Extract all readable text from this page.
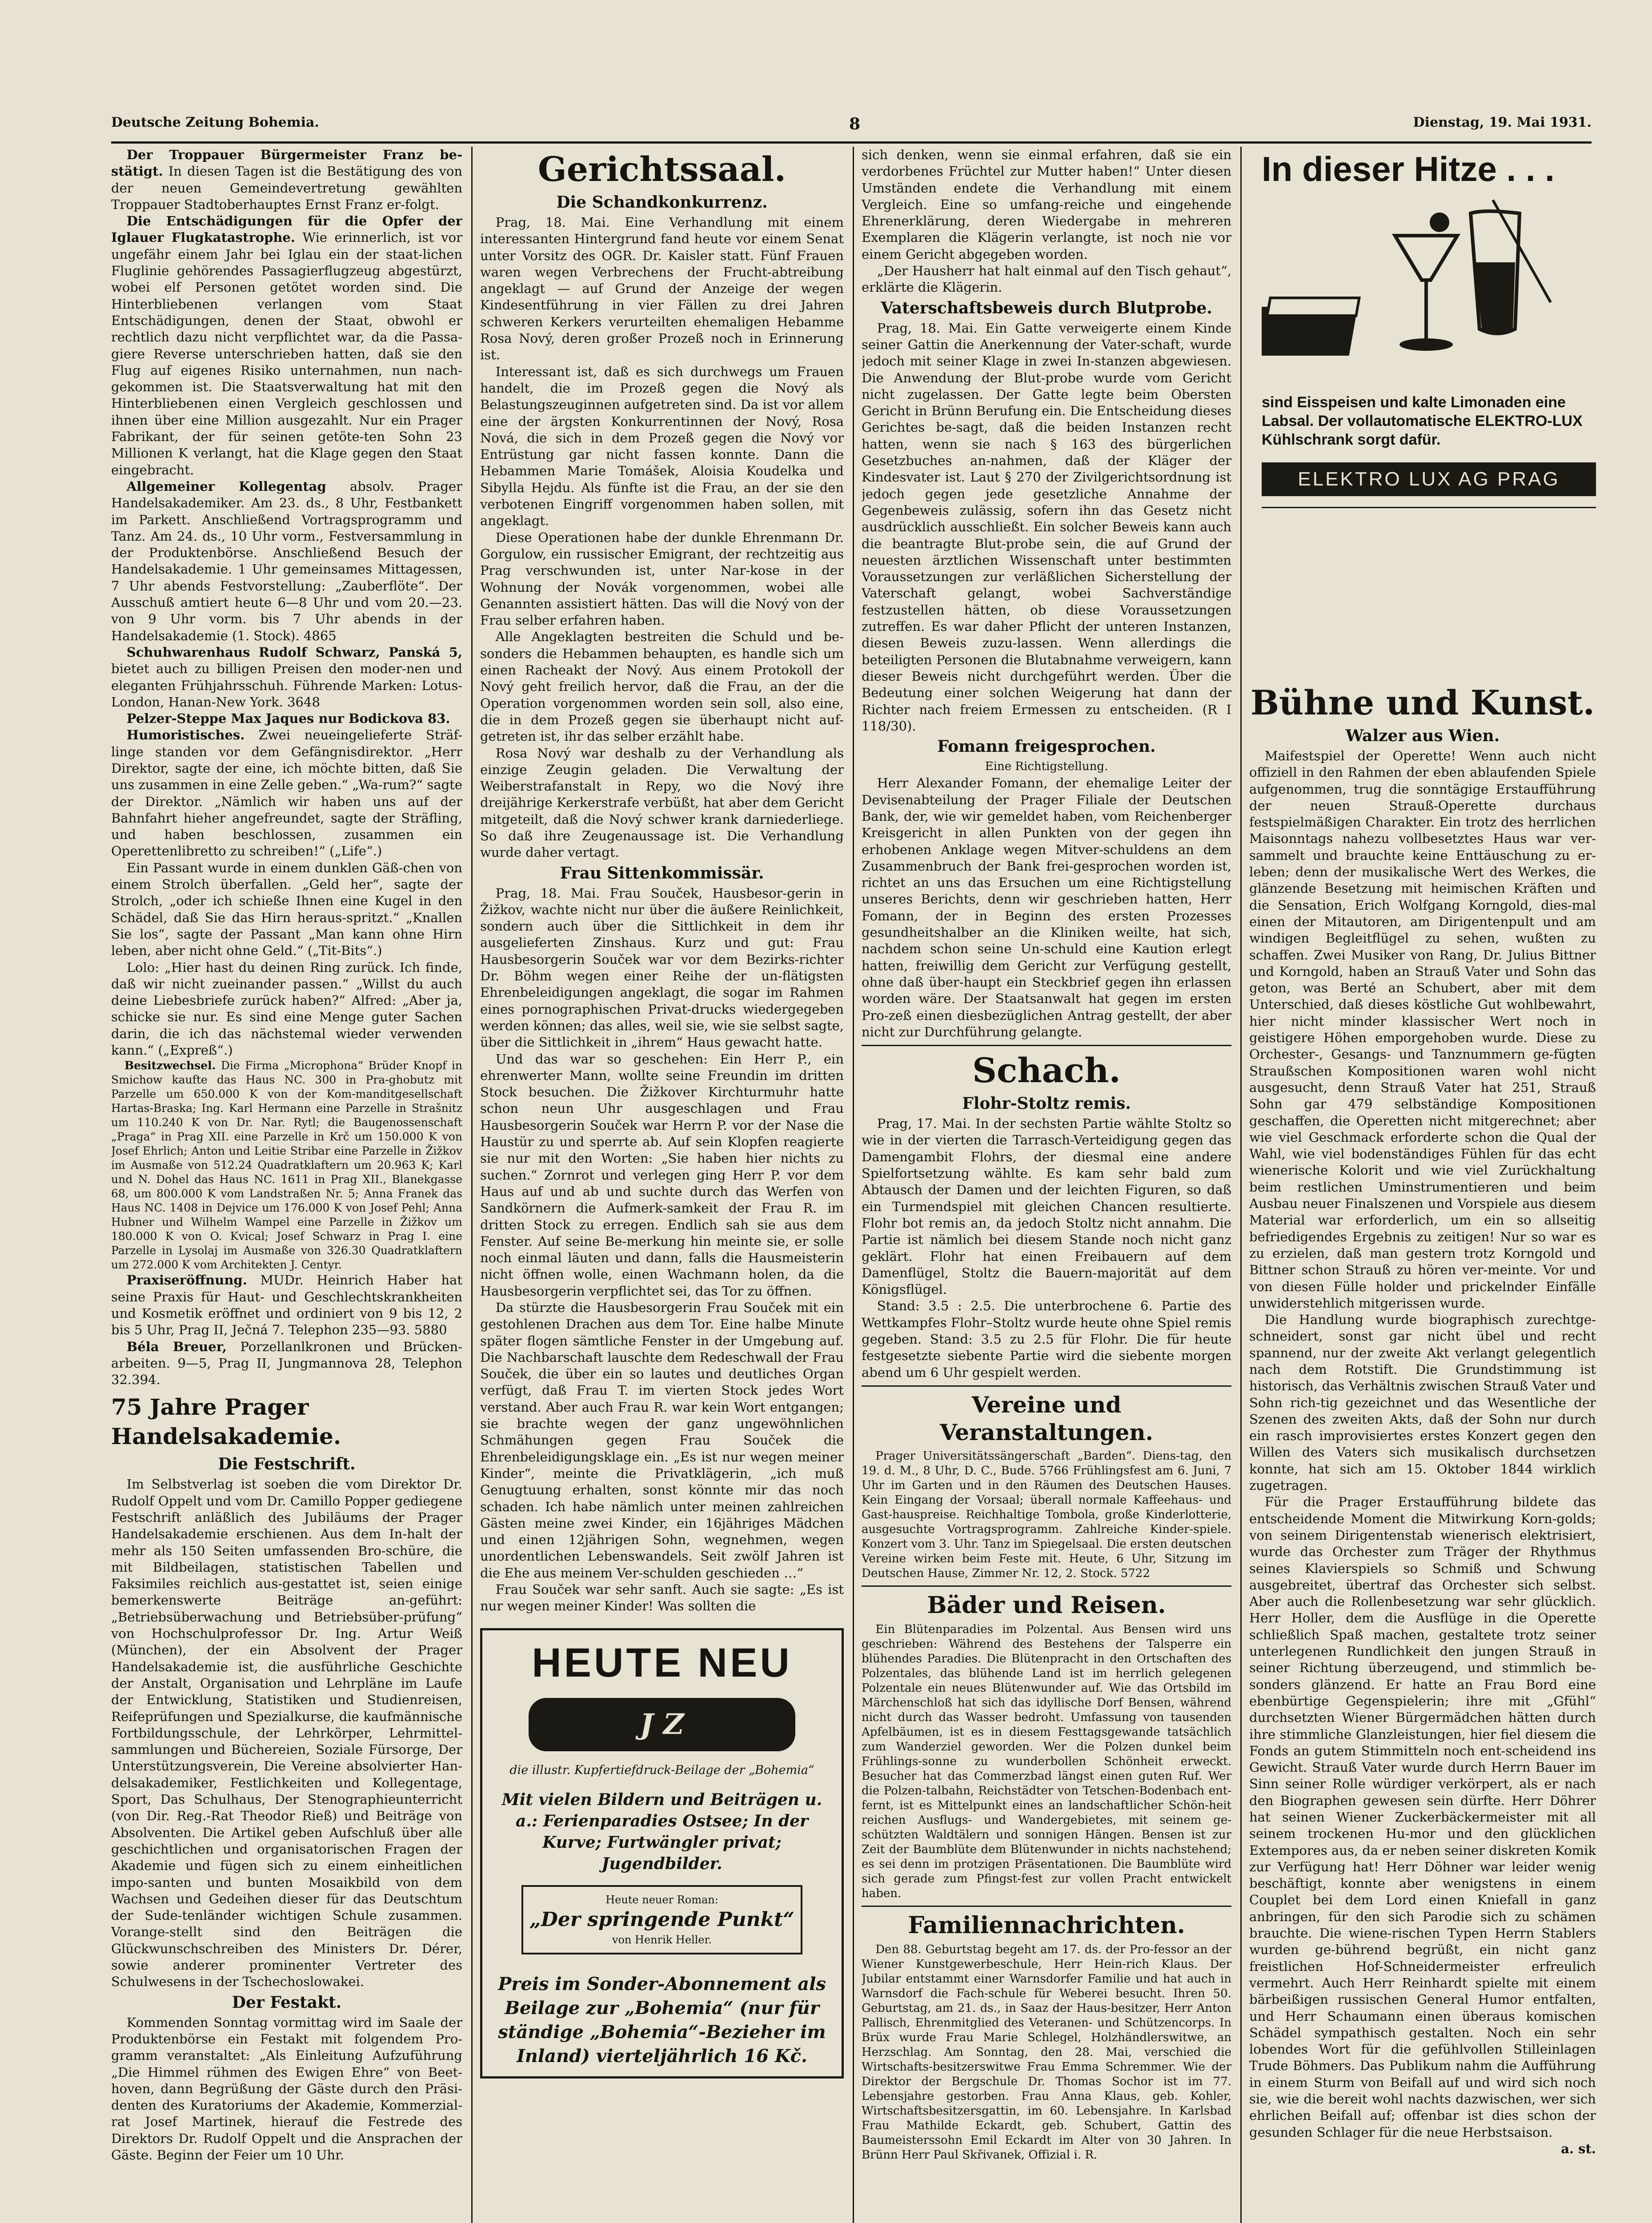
Deutsche Zeitung Bohemia.	8	Dienstag, 19. Mai 1931.

Der Troppauer Bürgermeister Franz be-stätigt. In diesen Tagen ist die Bestätigung des von der neuen Gemeindevertretung gewählten Troppauer Stadtoberhauptes Ernst Franz er-folgt.

Die Entschädigungen für die Opfer der Iglauer Flugkatastrophe. Wie erinnerlich, ist vor ungefähr einem Jahr bei Iglau ein der staat-lichen Fluglinie gehörendes Passagierflugzeug abgestürzt, wobei elf Personen getötet worden sind. Die Hinterbliebenen verlangen vom Staat Entschädigungen, denen der Staat, obwohl er rechtlich dazu nicht verpflichtet war, da die Passa-giere Reverse unterschrieben hatten, daß sie den Flug auf eigenes Risiko unternahmen, nun nach-gekommen ist. Die Staatsverwaltung hat mit den Hinterbliebenen einen Vergleich geschlossen und ihnen über eine Million ausgezahlt. Nur ein Prager Fabrikant, der für seinen getöte-ten Sohn 23 Millionen K verlangt, hat die Klage gegen den Staat eingebracht.

Allgemeiner Kollegentag absolv. Prager Handelsakademiker. Am 23. ds., 8 Uhr, Festbankett im Parkett. Anschließend Vortragsprogramm und Tanz. Am 24. ds., 10 Uhr vorm., Festversammlung in der Produktenbörse. Anschließend Besuch der Handelsakademie. 1 Uhr gemeinsames Mittagessen, 7 Uhr abends Festvorstellung: „Zauberflöte“. Der Ausschuß amtiert heute 6—8 Uhr und vom 20.—23. von 9 Uhr vorm. bis 7 Uhr abends in der Handelsakademie (1. Stock). 4865

Schuhwarenhaus Rudolf Schwarz, Panská 5, bietet auch zu billigen Preisen den moder-nen und eleganten Frühjahrsschuh. Führende Marken: Lotus-London, Hanan-New York. 3648

Pelzer-Steppe Max Jaques nur Bodickova 83.

Humoristisches. Zwei neueingelieferte Sträf-linge standen vor dem Gefängnisdirektor. „Herr Direktor, sagte der eine, ich möchte bitten, daß Sie uns zusammen in eine Zelle geben.“ „Wa-rum?“ sagte der Direktor. „Nämlich wir haben uns auf der Bahnfahrt hieher angefreundet, sagte der Sträfling, und haben beschlossen, zusammen ein Operettenlibretto zu schreiben!“ („Life“.)

Ein Passant wurde in einem dunklen Gäß-chen von einem Strolch überfallen. „Geld her“, sagte der Strolch, „oder ich schieße Ihnen eine Kugel in den Schädel, daß Sie das Hirn heraus-spritzt.“ „Knallen Sie los“, sagte der Passant „Man kann ohne Hirn leben, aber nicht ohne Geld.“ („Tit-Bits“.)

Lolo: „Hier hast du deinen Ring zurück. Ich finde, daß wir nicht zueinander passen.“ „Willst du auch deine Liebesbriefe zurück haben?“ Alfred: „Aber ja, schicke sie nur. Es sind eine Menge guter Sachen darin, die ich das nächstemal wieder verwenden kann.“ („Expreß“.)

Besitzwechsel. Die Firma „Microphona“ Brüder Knopf in Smichow kaufte das Haus NC. 300 in Pra-ghobutz mit Parzelle um 650.000 K von der Kom-manditgesellschaft Hartas-Braska; Ing. Karl Hermann eine Parzelle in Strašnitz um 110.240 K von Dr. Nar. Rytl; die Baugenossenschaft „Praga“ in Prag XII. eine Parzelle in Krč um 150.000 K von Josef Ehrlich; Anton und Leitie Stribar eine Parzelle in Žižkov im Ausmaße von 512.24 Quadratklaftern um 20.963 K; Karl und N. Dohel das Haus NC. 1611 in Prag XII., Blanekgasse 68, um 800.000 K vom Landstraßen Nr. 5; Anna Franek das Haus NC. 1408 in Dejvice um 176.000 K von Josef Pehl; Anna Hubner und Wilhelm Wampel eine Parzelle in Žižkov um 180.000 K von O. Kvical; Josef Schwarz in Prag I. eine Parzelle in Lysolaj im Ausmaße von 326.30 Quadratklaftern um 272.000 K vom Architekten J. Centyr.

Praxiseröffnung. MUDr. Heinrich Haber hat seine Praxis für Haut- und Geschlechtskrankheiten und Kosmetik eröffnet und ordiniert von 9 bis 12, 2 bis 5 Uhr, Prag II, Ječná 7. Telephon 235—93. 5880

Béla Breuer, Porzellanlkronen und Brücken-arbeiten. 9—5, Prag II, Jungmannova 28, Telephon 32.394.

75 Jahre Prager Handelsakademie.
Die Festschrift.

Im Selbstverlag ist soeben die vom Direktor Dr. Rudolf Oppelt und vom Dr. Camillo Popper gediegene Festschrift anläßlich des Jubiläums der Prager Handelsakademie erschienen. Aus dem In-halt der mehr als 150 Seiten umfassenden Bro-schüre, die mit Bildbeilagen, statistischen Tabellen und Faksimiles reichlich aus-gestattet ist, seien einige bemerkenswerte Beiträge an-geführt: „Betriebsüberwachung und Betriebsüber-prüfung“ von Hochschulprofessor Dr. Ing. Artur Weiß (München), der ein Absolvent der Prager Handelsakademie ist, die ausführliche Geschichte der Anstalt, Organisation und Lehrpläne im Laufe der Entwicklung, Statistiken und Studienreisen, Reifeprüfungen und Spezialkurse, die kaufmännische Fortbildungsschule, der Lehrkörper, Lehrmittel-sammlungen und Büchereien, Soziale Fürsorge, Der Unterstützungsverein, Die Vereine absolvierter Han-delsakademiker, Festlichkeiten und Kollegentage, Sport, Das Schulhaus, Der Stenographieunterricht (von Dir. Reg.-Rat Theodor Rieß) und Beiträge von Absolventen. Die Artikel geben Aufschluß über alle geschichtlichen und organisatorischen Fragen der Akademie und fügen sich zu einem einheitlichen impo-santen und bunten Mosaikbild von dem Wachsen und Gedeihen dieser für das Deutschtum der Sude-tenländer wichtigen Schule zusammen. Vorange-stellt sind den Beiträgen die Glückwunschschreiben des Ministers Dr. Dérer, sowie anderer prominenter Vertreter des Schulwesens in der Tschechoslowakei.

Der Festakt.

Kommenden Sonntag vormittag wird im Saale der Produktenbörse ein Festakt mit folgendem Pro-gramm veranstaltet: „Als Einleitung Aufzuführung „Die Himmel rühmen des Ewigen Ehre“ von Beet-hoven, dann Begrüßung der Gäste durch den Präsi-denten des Kuratoriums der Akademie, Kommerzial-rat Josef Martinek, hierauf die Festrede des Direktors Dr. Rudolf Oppelt und die Ansprachen der Gäste. Beginn der Feier um 10 Uhr.

Gerichtssaal.
Die Schandkonkurrenz.

Prag, 18. Mai. Eine Verhandlung mit einem interessanten Hintergrund fand heute vor einem Senat unter Vorsitz des OGR. Dr. Kaisler statt. Fünf Frauen waren wegen Verbrechens der Frucht-abtreibung angeklagt — auf Grund der Anzeige der wegen Kindesentführung in vier Fällen zu drei Jahren schweren Kerkers verurteilten ehemaligen Hebamme Rosa Nový, deren großer Prozeß noch in Erinnerung ist.

Interessant ist, daß es sich durchwegs um Frauen handelt, die im Prozeß gegen die Nový als Belastungszeuginnen aufgetreten sind. Da ist vor allem eine der ärgsten Konkurrentinnen der Nový, Rosa Nová, die sich in dem Prozeß gegen die Nový vor Entrüstung gar nicht fassen konnte. Dann die Hebammen Marie Tomášek, Aloisia Koudelka und Sibylla Hejdu. Als fünfte ist die Frau, an der sie den verbotenen Eingriff vorgenommen haben sollen, mit angeklagt.

Diese Operationen habe der dunkle Ehrenmann Dr. Gorgulow, ein russischer Emigrant, der rechtzeitig aus Prag verschwunden ist, unter Nar-kose in der Wohnung der Novák vorgenommen, wobei alle Genannten assistiert hätten. Das will die Nový von der Frau selber erfahren haben.

Alle Angeklagten bestreiten die Schuld und be-sonders die Hebammen behaupten, es handle sich um einen Racheakt der Nový. Aus einem Protokoll der Nový geht freilich hervor, daß die Frau, an der die Operation vorgenommen worden sein soll, also eine, die in dem Prozeß gegen sie überhaupt nicht auf-getreten ist, ihr das selber erzählt habe.

Rosa Nový war deshalb zu der Verhandlung als einzige Zeugin geladen. Die Verwaltung der Weiberstrafanstalt in Repy, wo die Nový ihre dreijährige Kerkerstrafe verbüßt, hat aber dem Gericht mitgeteilt, daß die Nový schwer krank darniederliege. So daß ihre Zeugenaussage ist. Die Verhandlung wurde daher vertagt.

Frau Sittenkommissär.

Prag, 18. Mai. Frau Souček, Hausbesor-gerin in Žižkov, wachte nicht nur über die äußere Reinlichkeit, sondern auch über die Sittlichkeit in dem ihr ausgelieferten Zinshaus. Kurz und gut: Frau Hausbesorgerin Souček war vor dem Bezirks-richter Dr. Böhm wegen einer Reihe der un-flätigsten Ehrenbeleidigungen angeklagt, die sogar im Rahmen eines pornographischen Privat-drucks wiedergegeben werden können; das alles, weil sie, wie sie selbst sagte, über die Sittlichkeit in „ihrem“ Haus gewacht hatte.

Und das war so geschehen: Ein Herr P., ein ehrenwerter Mann, wollte seine Freundin im dritten Stock besuchen. Die Žižkover Kirchturmuhr hatte schon neun Uhr ausgeschlagen und Frau Hausbesorgerin Souček war Herrn P. vor der Nase die Haustür zu und sperrte ab. Auf sein Klopfen reagierte sie nur mit den Worten: „Sie haben hier nichts zu suchen.“ Zornrot und verlegen ging Herr P. vor dem Haus auf und ab und suchte durch das Werfen von Sandkörnern die Aufmerk-samkeit der Frau R. im dritten Stock zu erregen. Endlich sah sie aus dem Fenster. Auf seine Be-merkung hin meinte sie, er solle noch einmal läuten und dann, falls die Hausmeisterin nicht öffnen wolle, einen Wachmann holen, da die Hausbesorgerin verpflichtet sei, das Tor zu öffnen.

Da stürzte die Hausbesorgerin Frau Souček mit ein gestohlenen Drachen aus dem Tor. Eine halbe Minute später flogen sämtliche Fenster in der Umgebung auf. Die Nachbarschaft lauschte dem Redeschwall der Frau Souček, die über ein so lautes und deutliches Organ verfügt, daß Frau T. im vierten Stock jedes Wort verstand. Aber auch Frau R. war kein Wort entgangen; sie brachte wegen der ganz ungewöhnlichen Schmähungen gegen Frau Souček die Ehrenbeleidigungsklage ein. „Es ist nur wegen meiner Kinder“, meinte die Privatklägerin, „ich muß Genugtuung erhalten, sonst könnte mir das noch schaden. Ich habe nämlich unter meinen zahlreichen Gästen meine zwei Kinder, ein 16jähriges Mädchen und einen 12jährigen Sohn, wegnehmen, wegen unordentlichen Lebenswandels. Seit zwölf Jahren ist die Ehe aus meinem Ver-schulden geschieden …“

Frau Souček war sehr sanft. Auch sie sagte: „Es ist nur wegen meiner Kinder! Was sollten die

HEUTE NEU
J Z
die illustr. Kupfertiefdruck-Beilage der „Bohemia“
Mit vielen Bildern und Beiträgen u. a.: Ferienparadies Ostsee; In der Kurve; Furtwängler privat; Jugendbilder.
Heute neuer Roman:
„Der springende Punkt“
von Henrik Heller.
Preis im Sonder-Abonnement als Beilage zur „Bohemia“ (nur für ständige „Bohemia“-Bezieher im Inland) vierteljährlich 16 Kč.

sich denken, wenn sie einmal erfahren, daß sie ein verdorbenes Früchtel zur Mutter haben!“ Unter diesen Umständen endete die Verhandlung mit einem Vergleich. Eine so umfang-reiche und eingehende Ehrenerklärung, deren Wiedergabe in mehreren Exemplaren die Klägerin verlangte, ist noch nie vor einem Gericht abgegeben worden.

„Der Hausherr hat halt einmal auf den Tisch gehaut“, erklärte die Klägerin.

Vaterschaftsbeweis durch Blutprobe.

Prag, 18. Mai. Ein Gatte verweigerte einem Kinde seiner Gattin die Anerkennung der Vater-schaft, wurde jedoch mit seiner Klage in zwei In-stanzen abgewiesen. Die Anwendung der Blut-probe wurde vom Gericht nicht zugelassen. Der Gatte legte beim Obersten Gericht in Brünn Berufung ein. Die Entscheidung dieses Gerichtes be-sagt, daß die beiden Instanzen recht hatten, wenn sie nach § 163 des bürgerlichen Gesetzbuches an-nahmen, daß der Kläger der Kindesvater ist. Laut § 270 der Zivilgerichtsordnung ist jedoch gegen jede gesetzliche Annahme der Gegenbeweis zulässig, sofern ihn das Gesetz nicht ausdrücklich ausschließt. Ein solcher Beweis kann auch die beantragte Blut-probe sein, die auf Grund der neuesten ärztlichen Wissenschaft unter bestimmten Voraussetzungen zur verläßlichen Sicherstellung der Vaterschaft gelangt, wobei Sachverständige festzustellen hätten, ob diese Voraussetzungen zutreffen. Es war daher Pflicht der unteren Instanzen, diesen Beweis zuzu-lassen. Wenn allerdings die beteiligten Personen die Blutabnahme verweigern, kann dieser Beweis nicht durchgeführt werden. Über die Bedeutung einer solchen Weigerung hat dann der Richter nach freiem Ermessen zu entscheiden. (R I 118/30).

Fomann freigesprochen.
Eine Richtigstellung.

Herr Alexander Fomann, der ehemalige Leiter der Devisenabteilung der Prager Filiale der Deutschen Bank, der, wie wir gemeldet haben, vom Reichenberger Kreisgericht in allen Punkten von der gegen ihn erhobenen Anklage wegen Mitver-schuldens an dem Zusammenbruch der Bank frei-gesprochen worden ist, richtet an uns das Ersuchen um eine Richtigstellung unseres Berichts, denn wir geschrieben hatten, Herr Fomann, der in Beginn des ersten Prozesses gesundheitshalber an die Kliniken weilte, hat sich, nachdem schon seine Un-schuld eine Kaution erlegt hatten, freiwillig dem Gericht zur Verfügung gestellt, ohne daß über-haupt ein Steckbrief gegen ihn erlassen worden wäre. Der Staatsanwalt hat gegen im ersten Pro-zeß einen diesbezüglichen Antrag gestellt, der aber nicht zur Durchführung gelangte.

Schach.
Flohr-Stoltz remis.

Prag, 17. Mai. In der sechsten Partie wählte Stoltz so wie in der vierten die Tarrasch-Verteidigung gegen das Damengambit Flohrs, der diesmal eine andere Spielfortsetzung wählte. Es kam sehr bald zum Abtausch der Damen und der leichten Figuren, so daß ein Turmendspiel mit gleichen Chancen resultierte. Flohr bot remis an, da jedoch Stoltz nicht annahm. Die Partie ist nämlich bei diesem Stande noch nicht ganz geklärt. Flohr hat einen Freibauern auf dem Damenflügel, Stoltz die Bauern-majorität auf dem Königsflügel.

Stand: 3.5 : 2.5. Die unterbrochene 6. Partie des Wettkampfes Flohr–Stoltz wurde heute ohne Spiel remis gegeben. Stand: 3.5 zu 2.5 für Flohr. Die für heute festgesetzte siebente Partie wird die siebente morgen abend um 6 Uhr gespielt werden.

Vereine und Veranstaltungen.

Prager Universitätssängerschaft „Barden“. Diens-tag, den 19. d. M., 8 Uhr, D. C., Bude. 5766 Frühlingsfest am 6. Juni, 7 Uhr im Garten und in den Räumen des Deutschen Hauses. Kein Eingang der Vorsaal; überall normale Kaffeehaus- und Gast-hauspreise. Reichhaltige Tombola, große Kinderlotterie, ausgesuchte Vortragsprogramm. Zahlreiche Kinder-spiele. Konzert vom 3. Uhr. Tanz im Spiegelsaal. Die ersten deutschen Vereine wirken beim Feste mit. Heute, 6 Uhr, Sitzung im Deutschen Hause, Zimmer Nr. 12, 2. Stock. 5722

Bäder und Reisen.

Ein Blütenparadies im Polzental. Aus Bensen wird uns geschrieben: Während des Bestehens der Talsperre ein blühendes Paradies. Die Blütenpracht in den Ortschaften des Polzentales, das blühende Land ist im herrlich gelegenen Polzentale ein neues Blütenwunder auf. Wie das Ortsbild im Märchenschloß hat sich das idyllische Dorf Bensen, während nicht durch das Wasser bedroht. Umfassung von tausenden Apfelbäumen, ist es in diesem Festtagsgewande tatsächlich zum Wanderziel geworden. Wer die Polzen dunkel beim Frühlings-sonne zu wunderbollen Schönheit erweckt. Besucher hat das Commerzbad längst einen guten Ruf. Wer die Polzen-talbahn, Reichstädter von Tetschen-Bodenbach ent-fernt, ist es Mittelpunkt eines an landschaftlicher Schön-heit reichen Ausflugs- und Wandergebietes, mit seinem ge-schützten Waldtälern und sonnigen Hängen. Bensen ist zur Zeit der Baumblüte dem Blütenwunder in nichts nachstehend; es sei denn im protzigen Präsentationen. Die Baumblüte wird sich gerade zum Pfingst-fest zur vollen Pracht entwickelt haben.

Familiennachrichten.

Den 88. Geburtstag begeht am 17. ds. der Pro-fessor an der Wiener Kunstgewerbeschule, Herr Hein-rich Klaus. Der Jubilar entstammt einer Warnsdorfer Familie und hat auch in Warnsdorf die Fach-schule für Weberei besucht. Ihren 50. Geburtstag, am 21. ds., in Saaz der Haus-besitzer, Herr Anton Pallisch, Ehrenmitglied des Veteranen- und Schützencorps. In Brüx wurde Frau Marie Schlegel, Holzhändlerswitwe, an Herzschlag. Am Sonntag, den 28. Mai, verschied die Wirtschafts-besitzerswitwe Frau Emma Schremmer. Wie der Direktor der Bergschule Dr. Thomas Sochor ist im 77. Lebensjahre gestorben. Frau Anna Klaus, geb. Kohler, Wirtschaftsbesitzersgattin, im 60. Lebensjahre. In Karlsbad Frau Mathilde Eckardt, geb. Schubert, Gattin des Baumeisterssohn Emil Eckardt im Alter von 30 Jahren. In Brünn Herr Paul Skřivanek, Offizial i. R.

In dieser Hitze . . .
sind Eisspeisen und kalte Limonaden eine Labsal. Der vollautomatische ELEKTRO-LUX Kühlschrank sorgt dafür.
ELEKTRO LUX AG PRAG
Bühne und Kunst.
Walzer aus Wien.

Maifestspiel der Operette! Wenn auch nicht offiziell in den Rahmen der eben ablaufenden Spiele aufgenommen, trug die sonntägige Erstaufführung der neuen Strauß-Operette durchaus festspielmäßigen Charakter. Ein trotz des herrlichen Maisonntags nahezu vollbesetztes Haus war ver-sammelt und brauchte keine Enttäuschung zu er-leben; denn der musikalische Wert des Werkes, die glänzende Besetzung mit heimischen Kräften und die Sensation, Erich Wolfgang Korngold, dies-mal einen der Mitautoren, am Dirigentenpult und am windigen Begleitflügel zu sehen, wußten zu schaffen. Zwei Musiker von Rang, Dr. Julius Bittner und Korngold, haben an Strauß Vater und Sohn das geton, was Berté an Schubert, aber mit dem Unterschied, daß dieses köstliche Gut wohlbewahrt, hier nicht minder klassischer Wert noch in geistigere Höhen emporgehoben wurde. Diese zu Orchester-, Gesangs- und Tanznummern ge-fügten Straußschen Kompositionen waren wohl nicht ausgesucht, denn Strauß Vater hat 251, Strauß Sohn gar 479 selbständige Kompositionen geschaffen, die Operetten nicht mitgerechnet; aber wie viel Geschmack erforderte schon die Qual der Wahl, wie viel bodenständiges Fühlen für das echt wienerische Kolorit und wie viel Zurückhaltung beim restlichen Uminstrumentieren und beim Ausbau neuer Finalszenen und Vorspiele aus diesem Material war erforderlich, um ein so allseitig befriedigendes Ergebnis zu zeitigen! Nur so war es zu erzielen, daß man gestern trotz Korngold und Bittner schon Strauß zu hören ver-meinte. Vor und von diesen Fülle holder und prickelnder Einfälle unwiderstehlich mitgerissen wurde.

Die Handlung wurde biographisch zurechtge-schneidert, sonst gar nicht übel und recht spannend, nur der zweite Akt verlangt gelegentlich nach dem Rotstift. Die Grundstimmung ist historisch, das Verhältnis zwischen Strauß Vater und Sohn rich-tig gezeichnet und das Wesentliche der Szenen des zweiten Akts, daß der Sohn nur durch ein rasch improvisiertes erstes Konzert gegen den Willen des Vaters sich musikalisch durchsetzen konnte, hat sich am 15. Oktober 1844 wirklich zugetragen.

Für die Prager Erstaufführung bildete das entscheidende Moment die Mitwirkung Korn-golds; von seinem Dirigentenstab wienerisch elektrisiert, wurde das Orchester zum Träger der Rhythmus seines Klavierspiels so Schmiß und Schwung ausgebreitet, übertraf das Orchester sich selbst. Aber auch die Rollenbesetzung war sehr glücklich. Herr Holler, dem die Ausflüge in die Operette schließlich Spaß machen, gestaltete trotz seiner unterlegenen Rundlichkeit den jungen Strauß in seiner Richtung überzeugend, und stimmlich be-sonders glänzend. Er hatte an Frau Bord eine ebenbürtige Gegenspielerin; ihre mit „Gfühl“ durchsetzten Wiener Bürgermädchen hätten durch ihre stimmliche Glanzleistungen, hier fiel diesem die Fonds an gutem Stimmitteln noch ent-scheidend ins Gewicht. Strauß Vater wurde durch Herrn Bauer im Sinn seiner Rolle würdiger verkörpert, als er nach den Biographen gewesen sein dürfte. Herr Döhrer hat seinen Wiener Zuckerbäckermeister mit all seinem trockenen Hu-mor und den glücklichen Extempores aus, da er neben seiner diskreten Komik zur Verfügung hat! Herr Döhner war leider wenig beschäftigt, konnte aber wenigstens in einem Couplet bei dem Lord einen Kniefall in ganz anbringen, für den sich Parodie sich zu schämen brauchte. Die wiene-rischen Typen Herrn Stablers wurden ge-bührend begrüßt, ein nicht ganz freistlichen Hof-Schneidermeister erfreulich vermehrt. Auch Herr Reinhardt spielte mit einem bärbeißigen russischen General Humor entfalten, und Herr Schaumann einen überaus komischen Schädel sympathisch gestalten. Noch ein sehr lobendes Wort für die gefühlvollen Stilleinlagen Trude Böhmers. Das Publikum nahm die Aufführung in einem Sturm von Beifall auf und wird sich noch sie, wie die bereit wohl nachts dazwischen, wer sich ehrlichen Beifall auf; offenbar ist dies schon der gesunden Schlager für die neue Herbstsaison.

a. st.
